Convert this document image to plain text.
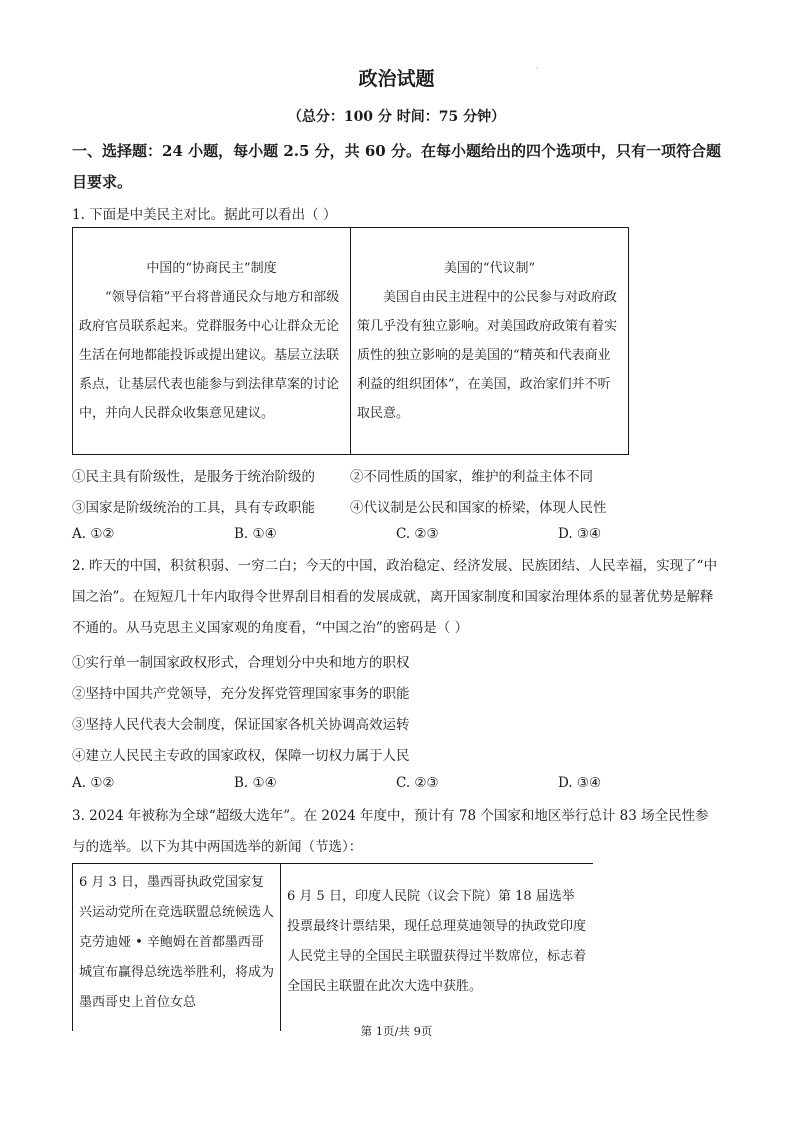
·
政治试题
（总分：100 分 时间：75 分钟）
一、选择题：24 小题，每小题 2.5 分，共 60 分。在每小题给出的四个选项中，只有一项符合题目要求。
1. 下面是中美民主对比。据此可以看出（ ）
中国的“协商民主”制度
“领导信箱”平台将普通民众与地方和部级政府官员联系起来。党群服务中心让群众无论生活在何地都能投诉或提出建议。基层立法联系点，让基层代表也能参与到法律草案的讨论中，并向人民群众收集意见建议。

美国的“代议制”
美国自由民主进程中的公民参与对政府政策几乎没有独立影响。对美国政府政策有着实质性的独立影响的是美国的“精英和代表商业利益的组织团体”，在美国，政治家们并不听取民意。
①民主具有阶级性，是服务于统治阶级的	②不同性质的国家，维护的利益主体不同
③国家是阶级统治的工具，具有专政职能	④代议制是公民和国家的桥梁，体现人民性
A. ①②	B. ①④	C. ②③	D. ③④
2. 昨天的中国，积贫积弱、一穷二白；今天的中国，政治稳定、经济发展、民族团结、人民幸福，实现了“中国之治”。在短短几十年内取得令世界刮目相看的发展成就，离开国家制度和国家治理体系的显著优势是解释不通的。从马克思主义国家观的角度看，“中国之治”的密码是（ ）
①实行单一制国家政权形式，合理划分中央和地方的职权
②坚持中国共产党领导，充分发挥党管理国家事务的职能
③坚持人民代表大会制度，保证国家各机关协调高效运转
④建立人民民主专政的国家政权，保障一切权力属于人民
A. ①②	B. ①④	C. ②③	D. ③④
3. 2024 年被称为全球“超级大选年”。在 2024 年度中，预计有 78 个国家和地区举行总计 83 场全民性参与的选举。以下为其中两国选举的新闻（节选）：
6 月 3 日，墨西哥执政党国家复兴运动党所在竞选联盟总统候选人克劳迪娅 • 辛鲍姆在首都墨西哥城宣布赢得总统选举胜利，将成为墨西哥史上首位女总

6 月 5 日，印度人民院（议会下院）第 18 届选举投票最终计票结果，现任总理莫迪领导的执政党印度人民党主导的全国民主联盟获得过半数席位，标志着全国民主联盟在此次大选中获胜。
第 1页/共 9页
